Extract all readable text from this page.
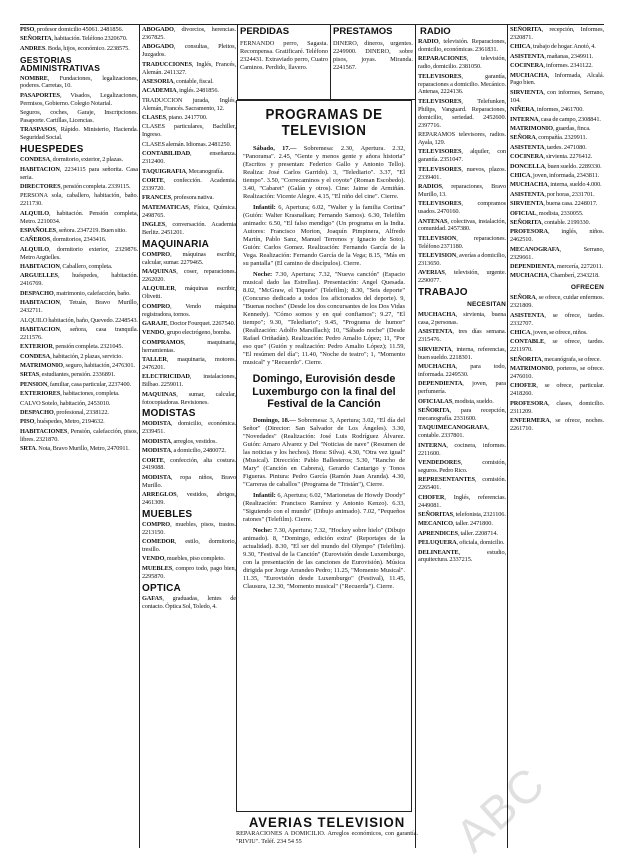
PISO, profesor domicilio 45061. 2481856.
SEÑORITA, habitación. Teléfono 2320670.
ANDRES. Boda, hijos, económico. 2238575.
GESTORIAS ADMINISTRATIVAS
NOMBRE, Fundaciones, legalizaciones, poderes. Carretas, 10.
PASAPORTES, Visados, Legalizaciones, Permisos, Gobierno. Colegio Notarial.
Seguros, coches, Garaje, Inscripciones. Pasaporte. Cartillas, Licencias.
TRASPASOS, Rápido. Ministerio, Hacienda. Seguridad Social.
HUESPEDES
CONDESA, dormitorio, exterior, 2 plazas.
HABITACION, 2234115 para señorita. Casa seria.
DIRECTORES, pensión completa. 2339115.
PERSONA sola, caballero, habitación, baño. 2211730.
ALQUILO, habitación. Pensión completa, Metro. 2210034.
ESPAÑOLES, señora. 2347219. Buen sitio.
CAÑEROS, dormitorios, 2343416.
ALQUILO, dormitorio exterior, 2329876. Metro Argüelles.
HABITACION, Caballero, completa.
ARGUELLES, huéspedes, habitación. 2416769.
DESPACHO, matrimonio, calefacción, baño.
HABITACION, Tetuán, Bravo Murillo, 2432711.
ALQUILO habitación, baño, Quevedo. 2248543.
HABITACION, señora, casa tranquila. 2211576.
EXTERIOR, pensión completa. 2321045.
CONDESA, habitación, 2 plazas, servicio.
MATRIMONIO, seguro, habitación, 2476301.
SRTAS, estudiantes, pensión. 2336891.
PENSION, familiar, casa particular, 2237400.
EXTERIORES, habitaciones, completa.
CALVO Sotelo, habitación, 2453010.
DESPACHO, profesional, 2338122.
PISO, huéspedes, Metro, 2194632.
HABITACIONES, Pensión, calefacción, pisos, libres. 2321870.
SRTA. Nota, Bravo Murillo, Metro, 2470911.
ABOGADO, divorcios, herencias. 2367825.
ABOGADO, consultas, Pleitos, Juzgados.
TRADUCCIONES, Inglés, Francés, Alemán. 2411327.
ASESORIA, contable, fiscal.
ACADEMIA, inglés. 2481856.
TRADUCCION jurada, Inglés, Alemán, Francés. Sacramento, 12.
CLASES, piano. 2417700.
CLASES particulares, Bachiller, Ingreso.
CLASES alemán. Idiomas. 2481250.
CONTABILIDAD, enseñanza. 2312400.
TAQUIGRAFIA, Mecanografía.
CORTE, confección. Academia. 2339720.
FRANCES, profesora nativa.
MATEMATICAS, Física, Química. 2498765.
INGLES, conversación. Academia Berlitz. 2451201.
MAQUINARIA
COMPRO, máquinas escribir, calcular, sumar. 2279465.
MAQUINAS, coser, reparaciones. 2262020.
ALQUILER, máquinas escribir, Olivetti.
COMPRO, Vendo máquina registradora, tornos.
GARAJE, Doctor Fourquet. 2267540.
VENDO, grupo electrógeno, bomba.
COMPRAMOS, maquinaria, herramientas.
TALLER, maquinaria, motores. 2476201.
ELECTRICIDAD, instalaciones, Bilbao. 2259011.
MAQUINAS, sumar, calcular, fotocopiadoras. Revisiones.
MODISTAS
MODISTA, domicilio, económica. 2339451.
MODISTA, arreglos, vestidos.
MODISTA, a domicilio, 2480072.
CORTE, confección, alta costura. 2419088.
MODISTA, ropa niños, Bravo Murillo.
ARREGLOS, vestidos, abrigos, 2461309.
MUEBLES
COMPRO, muebles, pisos, trastos. 2213150.
COMEDOR, estilo, dormitorio, tresillo.
VENDO, muebles, piso completo.
MUEBLES, compro todo, pago bien, 2295870.
OPTICA
GAFAS, graduadas, lentes de contacto. Óptica Sol, Toledo, 4.
PERDIDAS	PRESTAMOS	RADIO
FERNANDO perro, Sagasta. Recompensa. Gratificaré. Teléfono 2324431. Extraviado perro, Cuatro Caminos. Perdido, llavero.
DINERO, dineros, urgentes. 2249900. DINERO, sobre pisos, joyas. Miranda. 2241567.
PROGRAMAS DE TELEVISION
Sábado, 17.— Sobremesa: 2.30, Apertura. 2.32, "Panorama". 2.45, "Gente y menos gente y añora historia" (Escritos y presentan: Federico Gallo y Antonio Tello). Realiza: José Carlos Garrido). 3, "Telediario". 3.37, "El tiempo". 3.50, "Correcaminos y el coyote" (Roman Escobedo). 3.40, "Cabaret" (Galán y otros). Cine: Jaime de Armiñán. Realización: Vicente Alegre. 4.15, "El niño del cine". Cierre.
Infantil: 6, Apertura; 6.02, "Walter y la familia Cortina" (Guión: Walter Krasnalkan; Fernando Samos). 6.30, Telefilm animado: 6.50, "El falso mendigo" (Un programa en la India. Autores: Francisco Morton, Joaquín Pimpinera, Alfredo Martín, Pablo Sanz, Manuel Terrenos y Ignacio de Soto). Guión: Carlos Gomez. Realización: Fernando García de la Vega. Realización: Fernando García de la Vega; 8.15, "Más en su pantalla" (El camino de discípulos). Cierre.
Noche: 7.30, Apertura; 7.32, "Nueva canción" (Espacio musical dado las Estrellas). Presentación: Angel Quesada. 8.02, "McGraw, el Tiquete" (Telefilm); 8.30, "Seis deporte" (Concurso dedicado a todos los aficionados del deporte). 9, "Buenas noches" (Desde los dos concursantes de los Dos Vidas Kennedy). "Cómo somos y en qué confiamos"; 9.27, "El tiempo"; 9.30, "Telediario"; 9.45, "Programa de humor" (Realización: Adolfo Marsillach); 10, "Sábado noche" (Desde Rafael Oriñadán). Realización: Pedro Amalio López; 11, "Por eso que" (Guión y realización: Pedro Amalio López); 11.59, "El resúmen del día"; 11.40, "Noche de teatro"; 1, "Momento musical" y "Recuerdo". Cierre.
Domingo, Eurovisión desde Luxemburgo con la final del Festival de la Canción
Domingo, 18.— Sobremesa: 3, Apertura; 3.02, "El día del Señor" (Director: San Salvador de Los Ángeles). 3.30, "Novedades" (Realización: José Luis Rodríguez Álvarez. Guión: Amaro Alvarez y Del "Noticias de nave" (Resumen de las noticias y los hechos). Hora: Silva). 4.30, "Otra vez igual" (Musical). Dirección: Pablo Ballesteros; 5.30, "Rancho de Mary" (Canción en Cabrera), Gerardo Cantarigo y Tonos Figueras. Pintura: Pedro García (Ramón Juan Aranda). 4.30, "Carreras de caballos" (Programa de "Tristán"), Cierre.
Infantil: 6, Apertura; 6.02, "Marionetas de Howdy Doody" (Realización: Francisco Ramírez y Antonio Kenzo). 6.33, "Siguiendo con el mundo" (Dibujo animado). 7.02, "Pequeños ratones" (Telefilm). Cierre.
Noche: 7.30, Apertura; 7.32, "Hockey sobre hielo" (Dibujo animado). 8, "Domingo, edición extra" (Reportajes de la actualidad). 8.30, "El ser del mundo del Olympo" (Telefilm). 9.30, "Festival de la Canción" (Eurovisión desde Luxemburgo, con la presentación de las canciones de Eurovisión). Música dirigida por Jorge Arrandeo Pedro; 11.25, "Momento Musical". 11.35, "Eurovisión desde Luxemburgo" (Festival), 11.45, Clausura, 12.30, "Momento musical" ("Recuerda"). Cierre.
AVERIAS TELEVISION
REPARACIONES A DOMICILIO. Arreglos económicos, con garantía. "RIVIU". Teléf. 234 54 55
RADIO, televisión. Reparaciones, domicilio, económicas. 2361831.
REPARACIONES, televisión, radio, domicilio. 2381050.
TELEVISORES, garantía, reparaciones a domicilio. Mecánico. Antenas, 2224136.
TELEVISORES, Telefunken, Philips, Vanguard. Reparaciones, domicilio, seriedad. 2452600. 2397716.
REPARAMOS televisores, radios. Ayala, 129.
TELEVISORES, alquiler, con garantía. 2351047.
TELEVISORES, nuevos, plazos. 2339401.
RADIOS, reparaciones, Bravo Murillo, 13.
TELEVISORES, compramos usados. 2470160.
ANTENAS, colectivas, instalación, comunidad. 2457380.
TELEVISION, reparaciones. Teléfono 2371180.
TELEVISION, averías a domicilio, 2313650.
AVERIAS, televisión, urgente. 2290077.
TRABAJO
NECESITAN
MUCHACHA, sirvienta, buena casa, 2 personas.
ASISTENTA, tres días semana. 2315476.
SIRVIENTA, interna, referencias, buen sueldo. 2218301.
MUCHACHA, para todo, informada. 2249530.
DEPENDIENTA, joven, para perfumería.
OFICIALAS, modista, sueldo.
SEÑORITA, para recepción, mecanografía. 2331600.
TAQUIMECANOGRAFA, contable. 2337801.
INTERNA, cocinera, informes. 2211600.
VENDEDORES, comisión, seguros. Pedro Rico.
REPRESENTANTES, comisión. 2265401.
CHOFER, Inglés, referencias. 2449081.
SEÑORITAS, telefonista, 2321106.
MECANICO, taller. 2471800.
APRENDICES, taller. 2208714.
PELUQUERA, oficiala, domicilio.
DELINEANTE, estudio, arquitectura. 2337215.
SEÑORITA, recepción, Informes, 2320871.
CHICA, trabajo de hogar. Anotó, 4.
ASISTENTA, mañanas, 2349911.
COCINERA, informes. 2341122.
MUCHACHA, Informada, Alcalá. Pago bien.
SIRVIENTA, con informes, Serrano, 104.
NIÑERA, informes, 2461700.
INTERNA, casa de campo, 2308841.
MATRIMONIO, guardas, finca.
SEÑORA, compañía. 2329911.
ASISTENTA, tardes. 2471080.
COCINERA, sirvienta. 2276412.
DONCELLA, buen sueldo. 2289330.
CHICA, joven, informada, 2343811.
MUCHACHA, interna, sueldo 4.000.
ASISTENTA, por horas, 2331701.
SIRVIENTA, buena casa. 2248017.
OFICIAL, modista, 2330055.
SEÑORITA, contable. 2199330.
PROFESORA, inglés, niños. 2462510.
MECANOGRAFA, Serrano, 2329661.
DEPENDIENTA, mercería, 2272011.
MUCHACHA, Chamberí, 2343218.
OFRECEN
SEÑORA, se ofrece, cuidar enfermos. 2321809.
ASISTENTA, se ofrece, tardes. 2332707.
CHICA, joven, se ofrece, niños.
CONTABLE, se ofrece, tardes. 2211970.
SEÑORITA, mecanógrafa, se ofrece.
MATRIMONIO, porteros, se ofrece. 2476010.
CHOFER, se ofrece, particular. 2418260.
PROFESORA, clases, domicilio. 2311209.
ENFERMERA, se ofrece, noches. 2261710.
ABC
